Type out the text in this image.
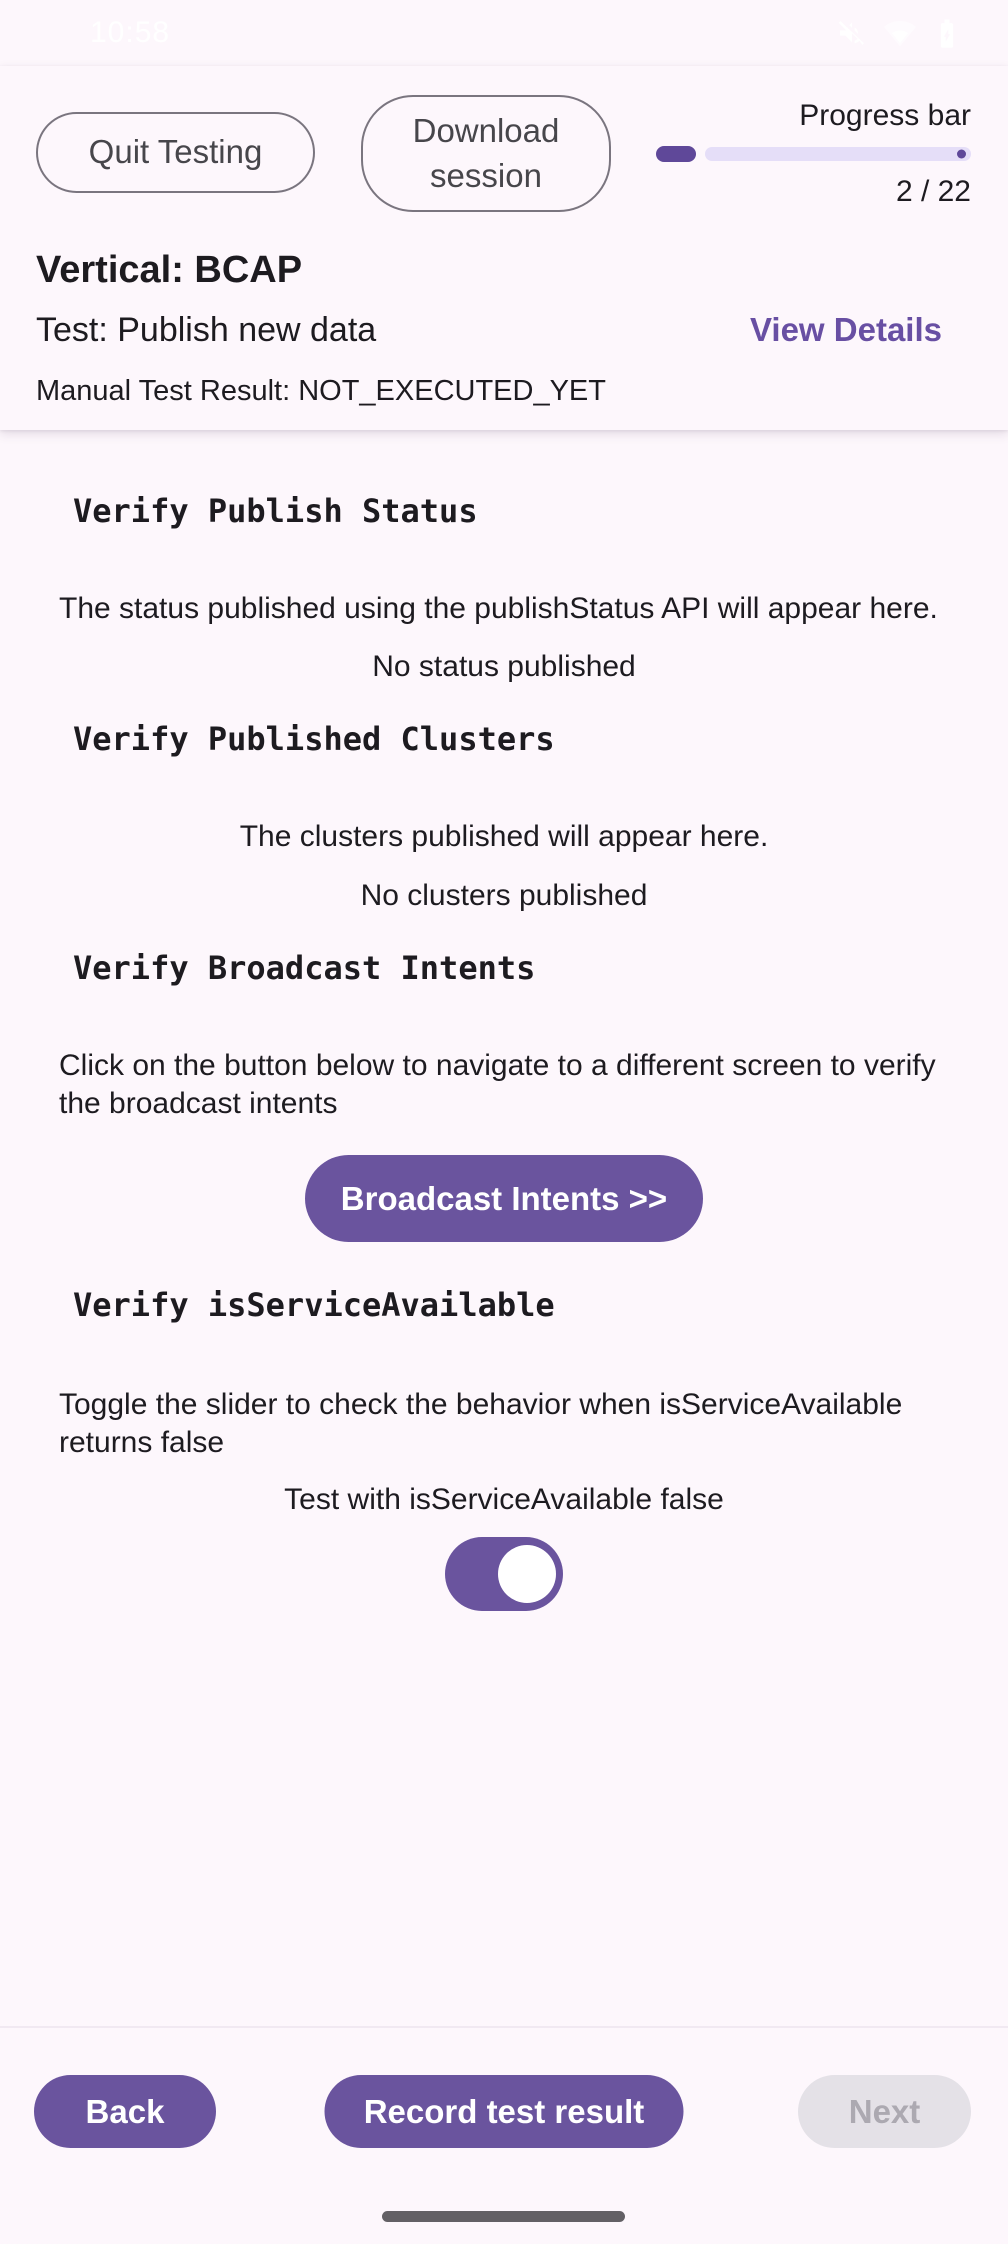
10:58
Quit Testing
Download session
Progress bar
2 / 22
Vertical: BCAP
Test: Publish new data	View Details
Manual Test Result: NOT_EXECUTED_YET
Verify Publish Status

The status published using the publishStatus API will appear here.

No status published

Verify Published Clusters

The clusters published will appear here.

No clusters published

Verify Broadcast Intents

Click on the button below to navigate to a different screen to verify the broadcast intents

Broadcast Intents >>
Verify isServiceAvailable

Toggle the slider to check the behavior when isServiceAvailable returns false

Test with isServiceAvailable false

Back	Record test result	Next
